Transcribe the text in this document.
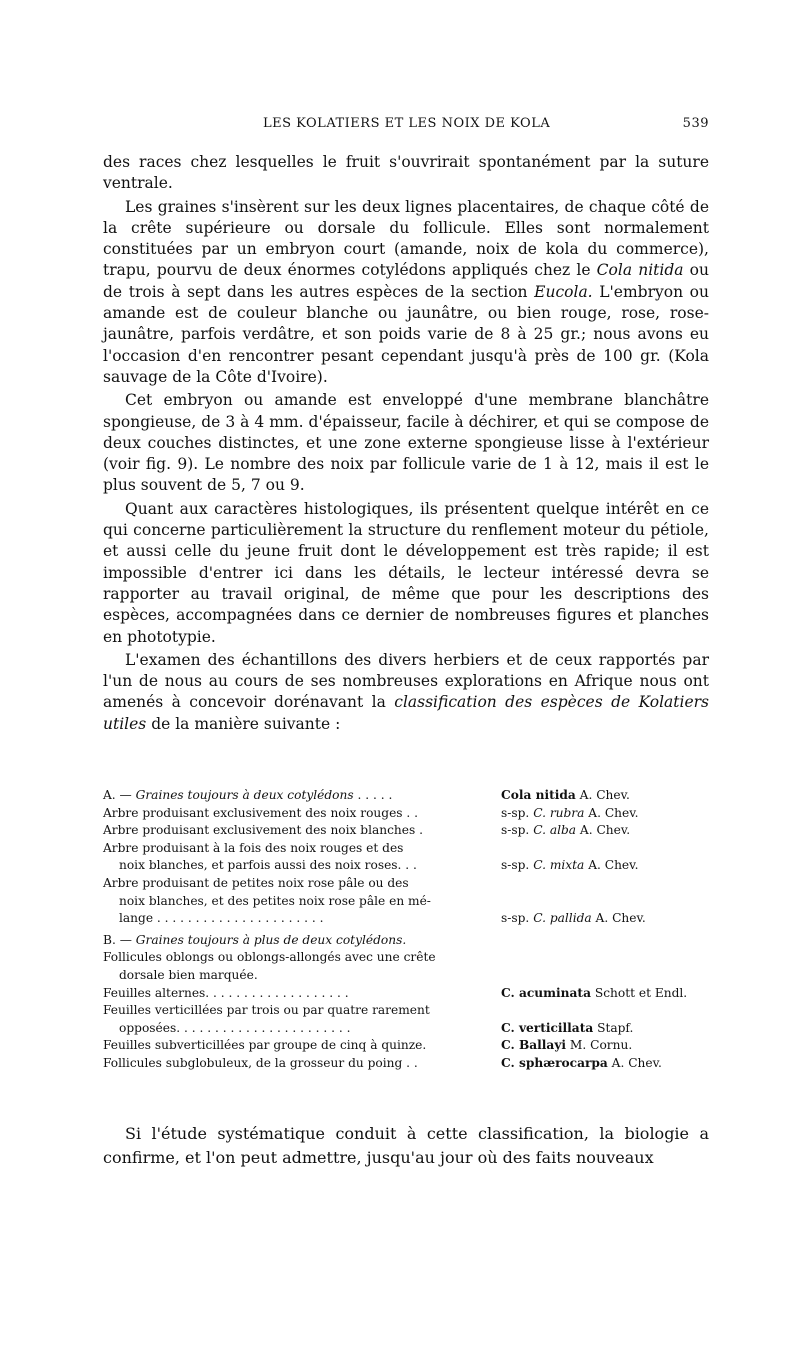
LES KOLATIERS ET LES NOIX DE KOLA	539

des races chez lesquelles le fruit s'ouvrirait spontanément par la suture ventrale.

Les graines s'insèrent sur les deux lignes placentaires, de chaque côté de la crête supérieure ou dorsale du follicule. Elles sont normalement constituées par un embryon court (amande, noix de kola du commerce), trapu, pourvu de deux énormes cotylédons appliqués chez le Cola nitida ou de trois à sept dans les autres espèces de la section Eucola. L'embryon ou amande est de couleur blanche ou jaunâtre, ou bien rouge, rose, rose-jaunâtre, parfois verdâtre, et son poids varie de 8 à 25 gr.; nous avons eu l'occasion d'en rencontrer pesant cependant jusqu'à près de 100 gr. (Kola sauvage de la Côte d'Ivoire).

Cet embryon ou amande est enveloppé d'une membrane blanchâtre spongieuse, de 3 à 4 mm. d'épaisseur, facile à déchirer, et qui se compose de deux couches distinctes, et une zone externe spongieuse lisse à l'extérieur (voir fig. 9). Le nombre des noix par follicule varie de 1 à 12, mais il est le plus souvent de 5, 7 ou 9.

Quant aux caractères histologiques, ils présentent quelque intérêt en ce qui concerne particulièrement la structure du renflement moteur du pétiole, et aussi celle du jeune fruit dont le développement est très rapide; il est impossible d'entrer ici dans les détails, le lecteur intéressé devra se rapporter au travail original, de même que pour les descriptions des espèces, accompagnées dans ce dernier de nombreuses figures et planches en phototypie.

L'examen des échantillons des divers herbiers et de ceux rapportés par l'un de nous au cours de ses nombreuses explorations en Afrique nous ont amenés à concevoir dorénavant la classification des espèces de Kolatiers utiles de la manière suivante :

A. — Graines toujours à deux cotylédons . . . . .	Cola nitida A. Chev.
Arbre produisant exclusivement des noix rouges . .	s-sp. C. rubra A. Chev.
Arbre produisant exclusivement des noix blanches .	s-sp. C. alba A. Chev.
Arbre produisant à la fois des noix rouges et des
noix blanches, et parfois aussi des noix roses. . .	s-sp. C. mixta A. Chev.
Arbre produisant de petites noix rose pâle ou des
noix blanches, et des petites noix rose pâle en mé-
lange . . . . . . . . . . . . . . . . . . . . . .	s-sp. C. pallida A. Chev.
B. — Graines toujours à plus de deux cotylédons.
Follicules oblongs ou oblongs-allongés avec une crête
dorsale bien marquée.
Feuilles alternes. . . . . . . . . . . . . . . . . . .	C. acuminata Schott et Endl.
Feuilles verticillées par trois ou par quatre rarement
opposées. . . . . . . . . . . . . . . . . . . . . . .	C. verticillata Stapf.
Feuilles subverticillées par groupe de cinq à quinze.	C. Ballayi M. Cornu.
Follicules subglobuleux, de la grosseur du poing . .	C. sphærocarpa A. Chev.

Si l'étude systématique conduit à cette classification, la biologie a confirme, et l'on peut admettre, jusqu'au jour où des faits nouveaux
